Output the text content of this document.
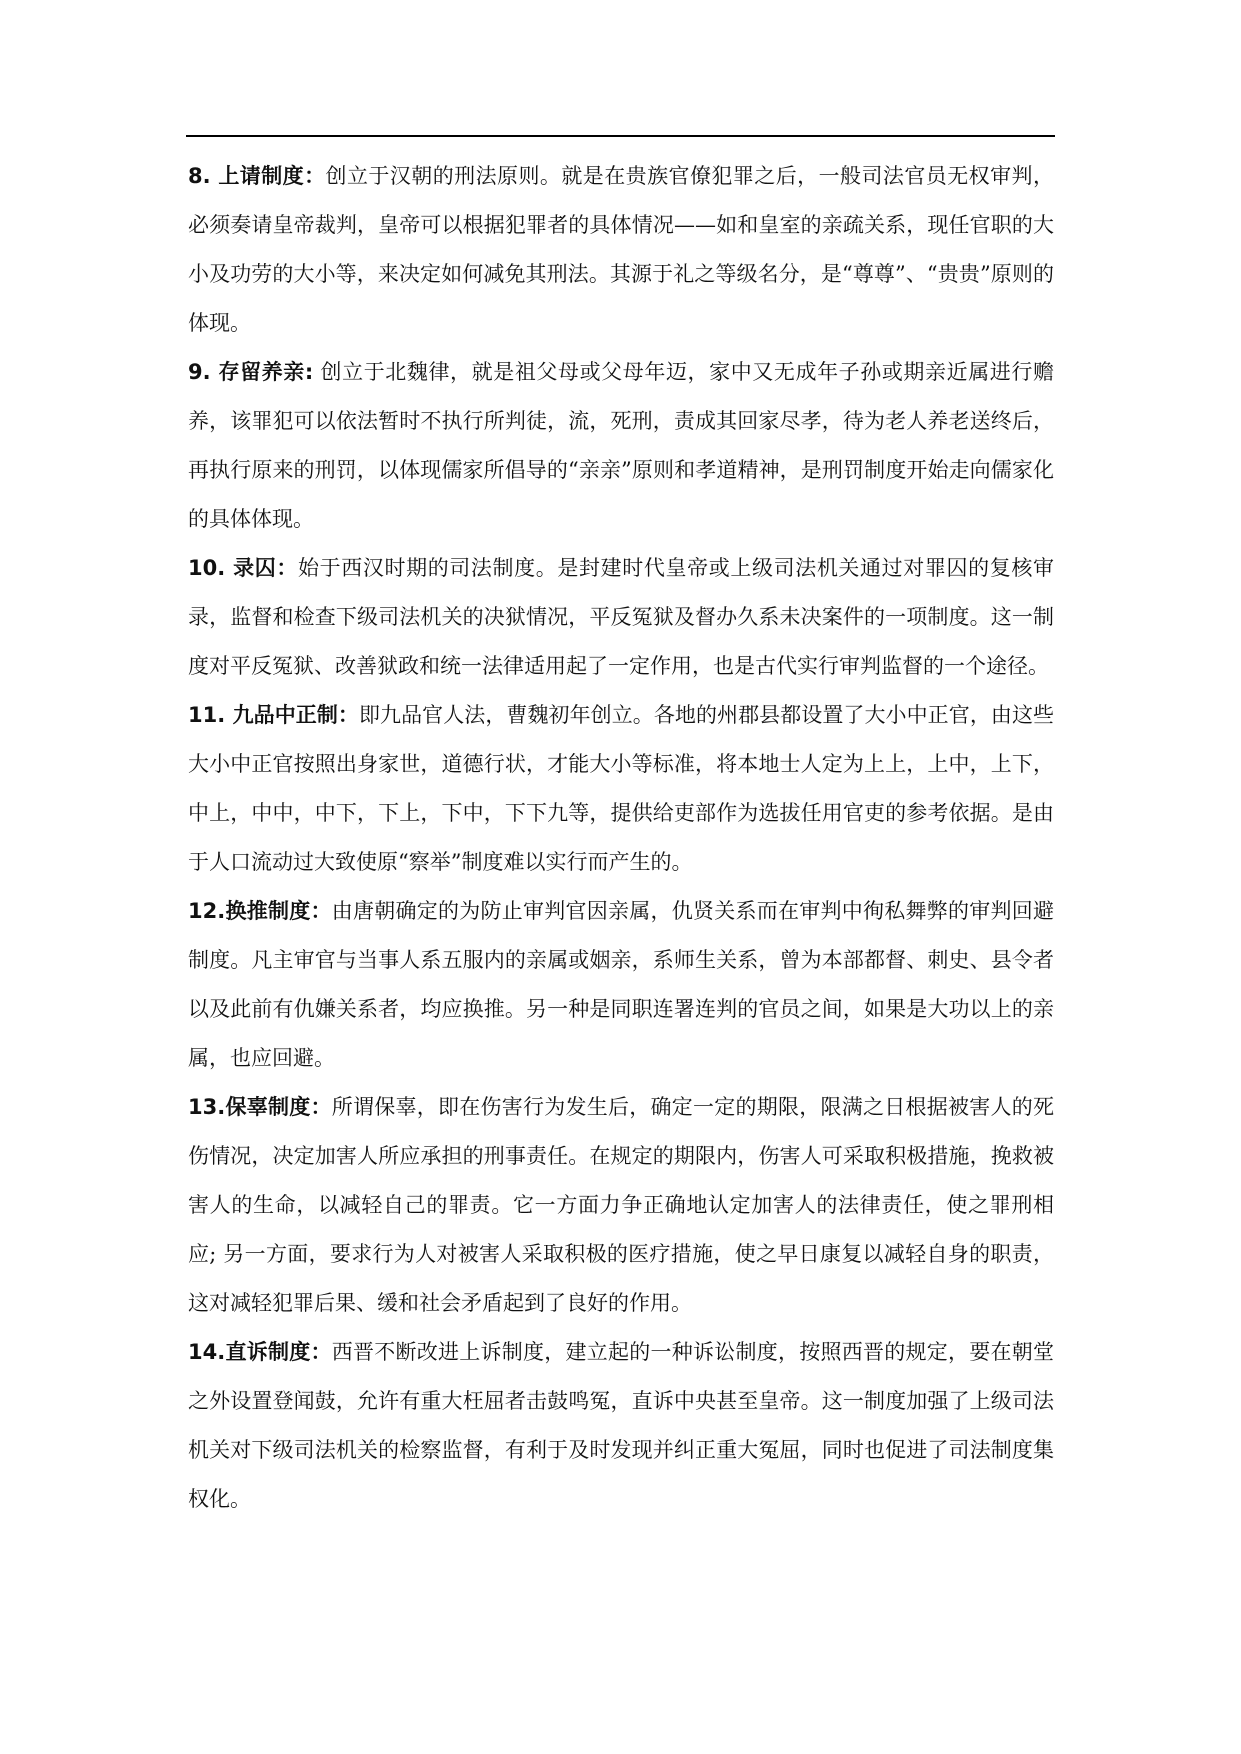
8. 上请制度：创立于汉朝的刑法原则。就是在贵族官僚犯罪之后，一般司法官员无权审判，必须奏请皇帝裁判，皇帝可以根据犯罪者的具体情况——如和皇室的亲疏关系，现任官职的大小及功劳的大小等，来决定如何减免其刑法。其源于礼之等级名分，是“尊尊”、“贵贵”原则的体现。

9. 存留养亲: 创立于北魏律，就是祖父母或父母年迈，家中又无成年子孙或期亲近属进行赡养，该罪犯可以依法暂时不执行所判徒，流，死刑，责成其回家尽孝，待为老人养老送终后，再执行原来的刑罚，以体现儒家所倡导的“亲亲”原则和孝道精神，是刑罚制度开始走向儒家化的具体体现。

10. 录囚：始于西汉时期的司法制度。是封建时代皇帝或上级司法机关通过对罪囚的复核审录，监督和检查下级司法机关的决狱情况，平反冤狱及督办久系未决案件的一项制度。这一制度对平反冤狱、改善狱政和统一法律适用起了一定作用，也是古代实行审判监督的一个途径。

11. 九品中正制：即九品官人法，曹魏初年创立。各地的州郡县都设置了大小中正官，由这些大小中正官按照出身家世，道德行状，才能大小等标准，将本地士人定为上上，上中，上下，中上，中中，中下，下上，下中，下下九等，提供给吏部作为选拔任用官吏的参考依据。是由于人口流动过大致使原“察举”制度难以实行而产生的。

12.换推制度：由唐朝确定的为防止审判官因亲属，仇贤关系而在审判中徇私舞弊的审判回避制度。凡主审官与当事人系五服内的亲属或姻亲，系师生关系，曾为本部都督、刺史、县令者以及此前有仇嫌关系者，均应换推。另一种是同职连署连判的官员之间，如果是大功以上的亲属，也应回避。

13.保辜制度：所谓保辜，即在伤害行为发生后，确定一定的期限，限满之日根据被害人的死伤情况，决定加害人所应承担的刑事责任。在规定的期限内，伤害人可采取积极措施，挽救被害人的生命，以减轻自己的罪责。它一方面力争正确地认定加害人的法律责任，使之罪刑相应; 另一方面，要求行为人对被害人采取积极的医疗措施，使之早日康复以减轻自身的职责，这对减轻犯罪后果、缓和社会矛盾起到了良好的作用。

14.直诉制度：西晋不断改进上诉制度，建立起的一种诉讼制度，按照西晋的规定，要在朝堂之外设置登闻鼓，允许有重大枉屈者击鼓鸣冤，直诉中央甚至皇帝。这一制度加强了上级司法机关对下级司法机关的检察监督，有利于及时发现并纠正重大冤屈，同时也促进了司法制度集权化。
